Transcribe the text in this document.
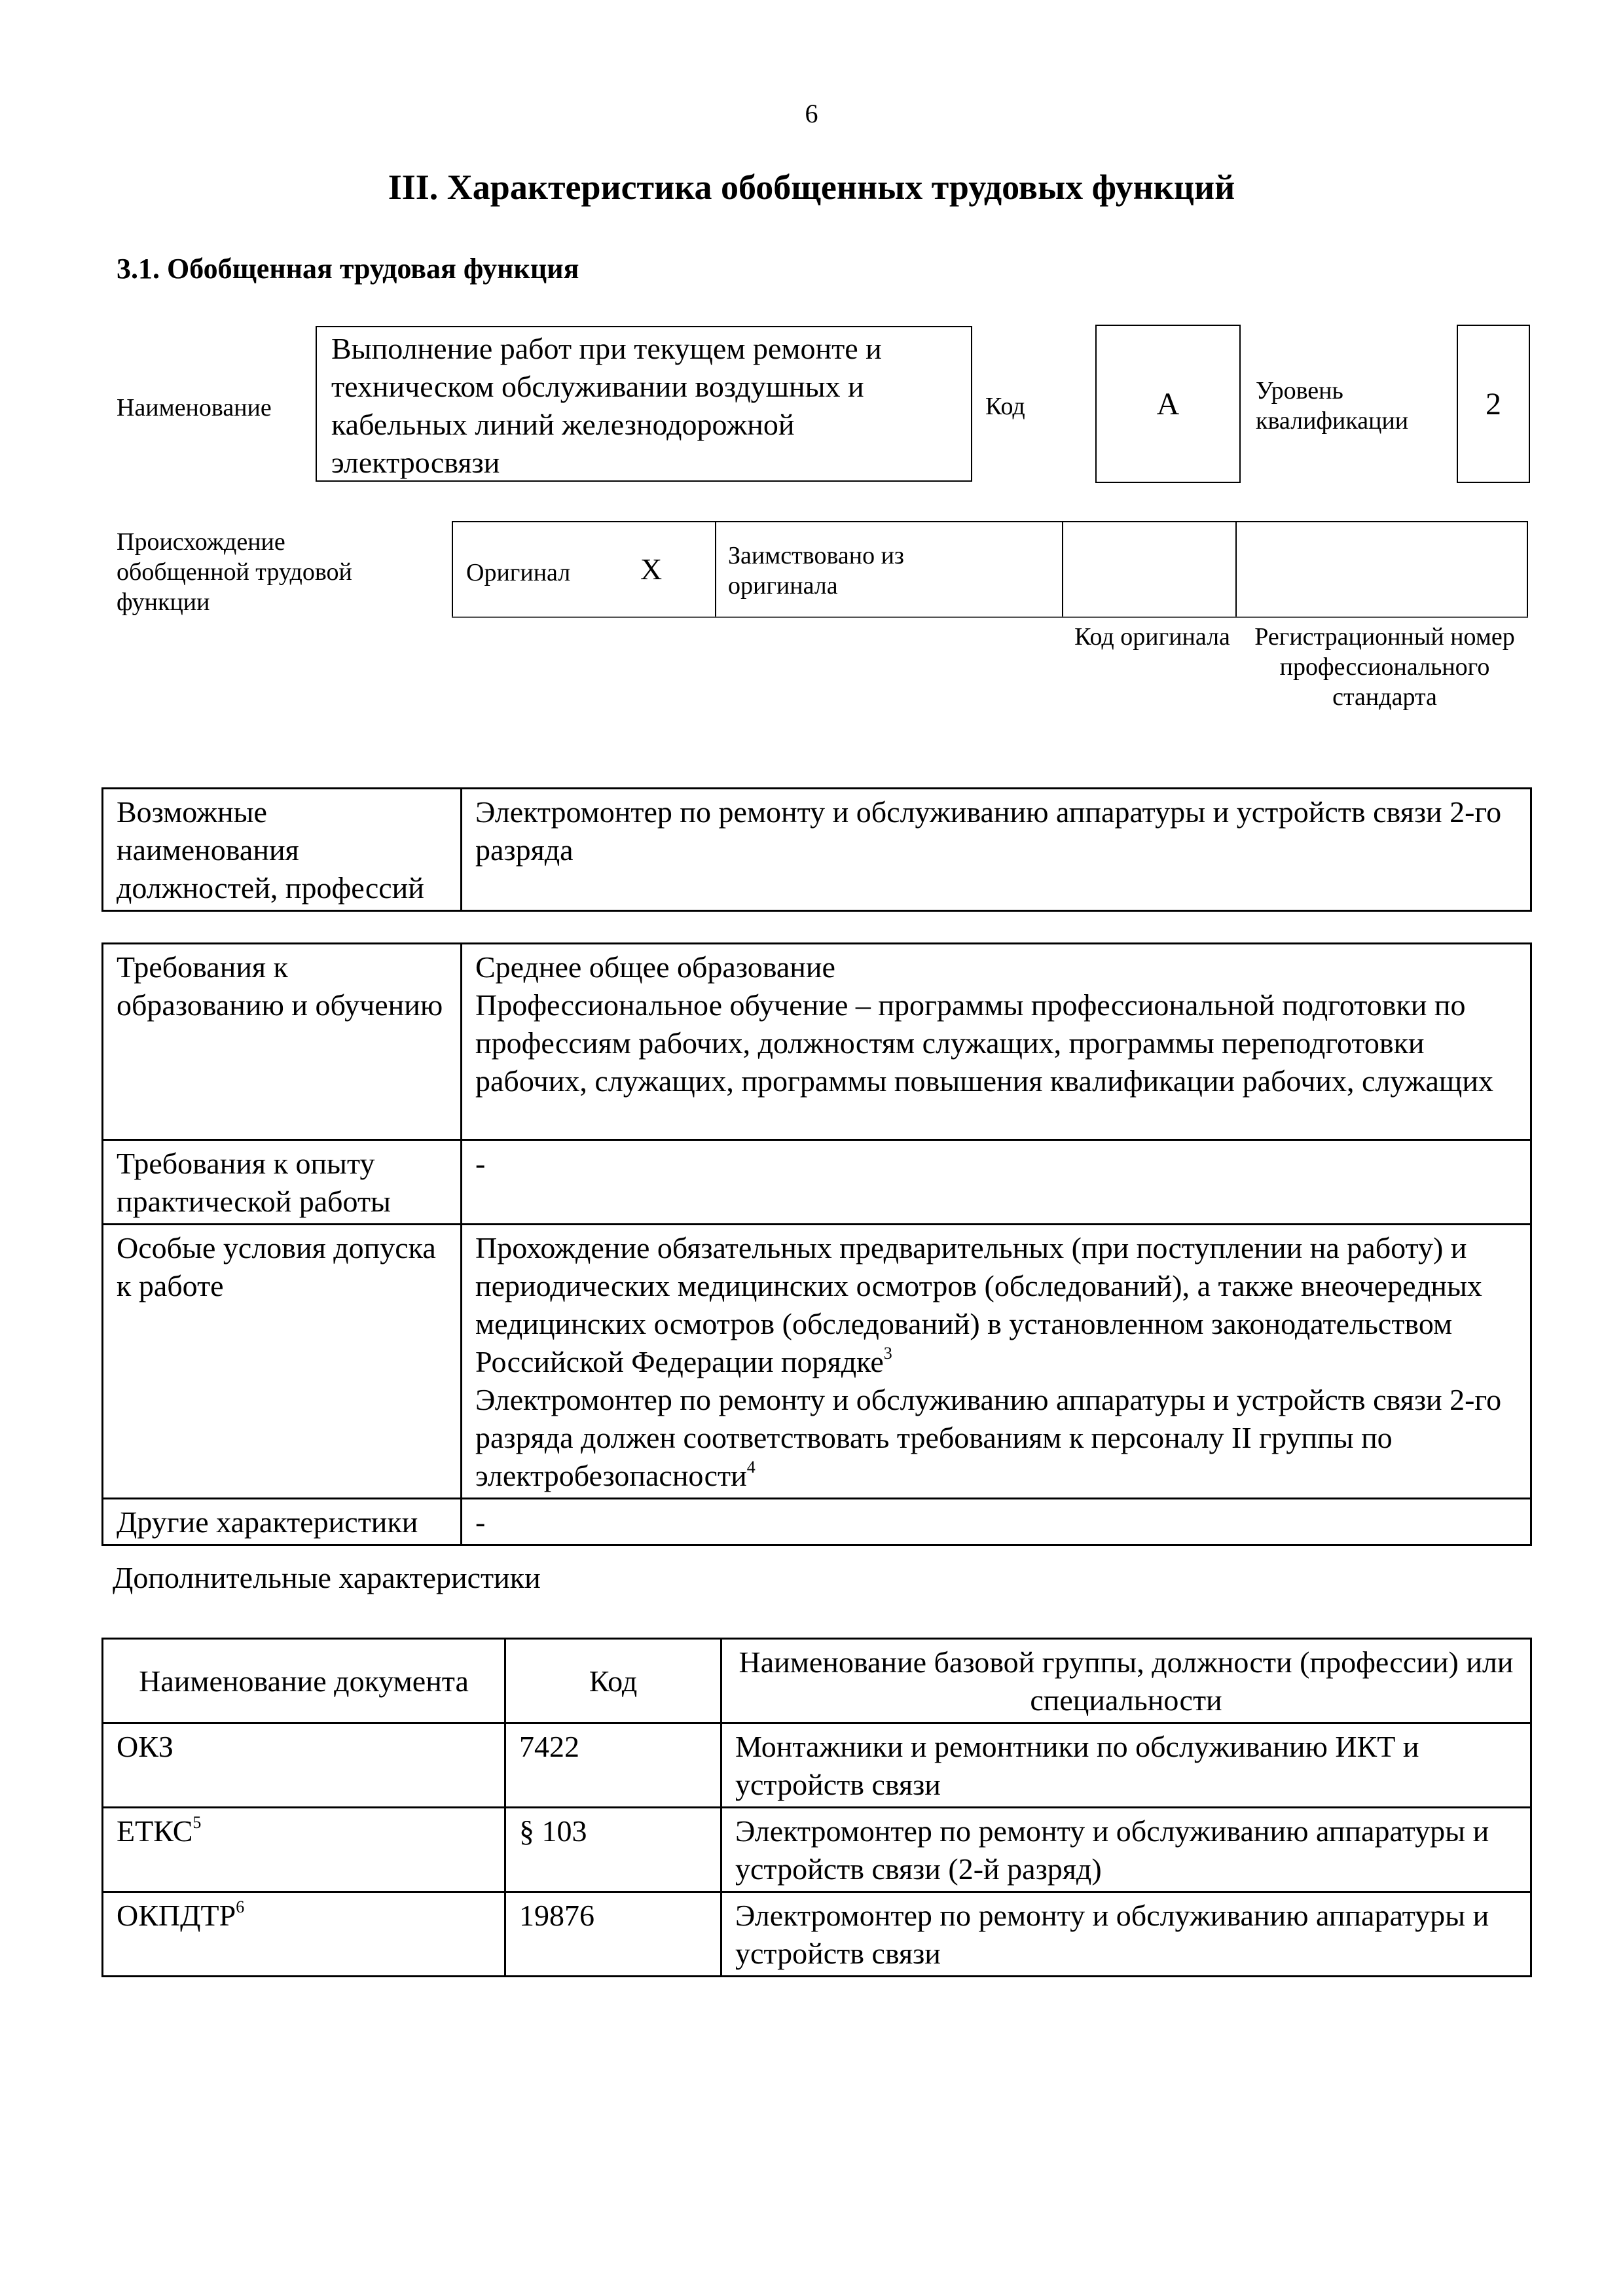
6
III. Характеристика обобщенных трудовых функций
3.1. Обобщенная трудовая функция
Наименование
Выполнение работ при текущем ремонте и техническом обслуживании воздушных и кабельных линий железнодорожной электросвязи
Код	А	Уровень квалификации	2
Происхождение обобщенной трудовой функции
Оригинал X	Заимствовано из оригинала
Код оригинала Регистрационный номер профессионального стандарта
Возможные наименования должностей, профессий	Электромонтер по ремонту и обслуживанию аппаратуры и устройств связи 2-го разряда
Требования к образованию и обучению	Среднее общее образование
Профессиональное обучение – программы профессиональной подготовки по профессиям рабочих, должностям служащих, программы переподготовки рабочих, служащих, программы повышения квалификации рабочих, служащих

Требования к опыту практической работы	-
Особые условия допуска к работе	Прохождение обязательных предварительных (при поступлении на работу) и периодических медицинских осмотров (обследований), а также внеочередных медицинских осмотров (обследований) в установленном законодательством Российской Федерации порядке$^3$
Электромонтер по ремонту и обслуживанию аппаратуры и устройств связи 2-го разряда должен соответствовать требованиям к персоналу II группы по электробезопасности$^4$

Другие характеристики	-
Дополнительные характеристики
Наименование документа	Код	Наименование базовой группы, должности (профессии) или специальности
ОКЗ	7422	Монтажники и ремонтники по обслуживанию ИКТ и устройств связи
ЕТКС$^5$	§ 103	Электромонтер по ремонту и обслуживанию аппаратуры и устройств связи (2-й разряд)
ОКПДТР$^6$	19876	Электромонтер по ремонту и обслуживанию аппаратуры и устройств связи
